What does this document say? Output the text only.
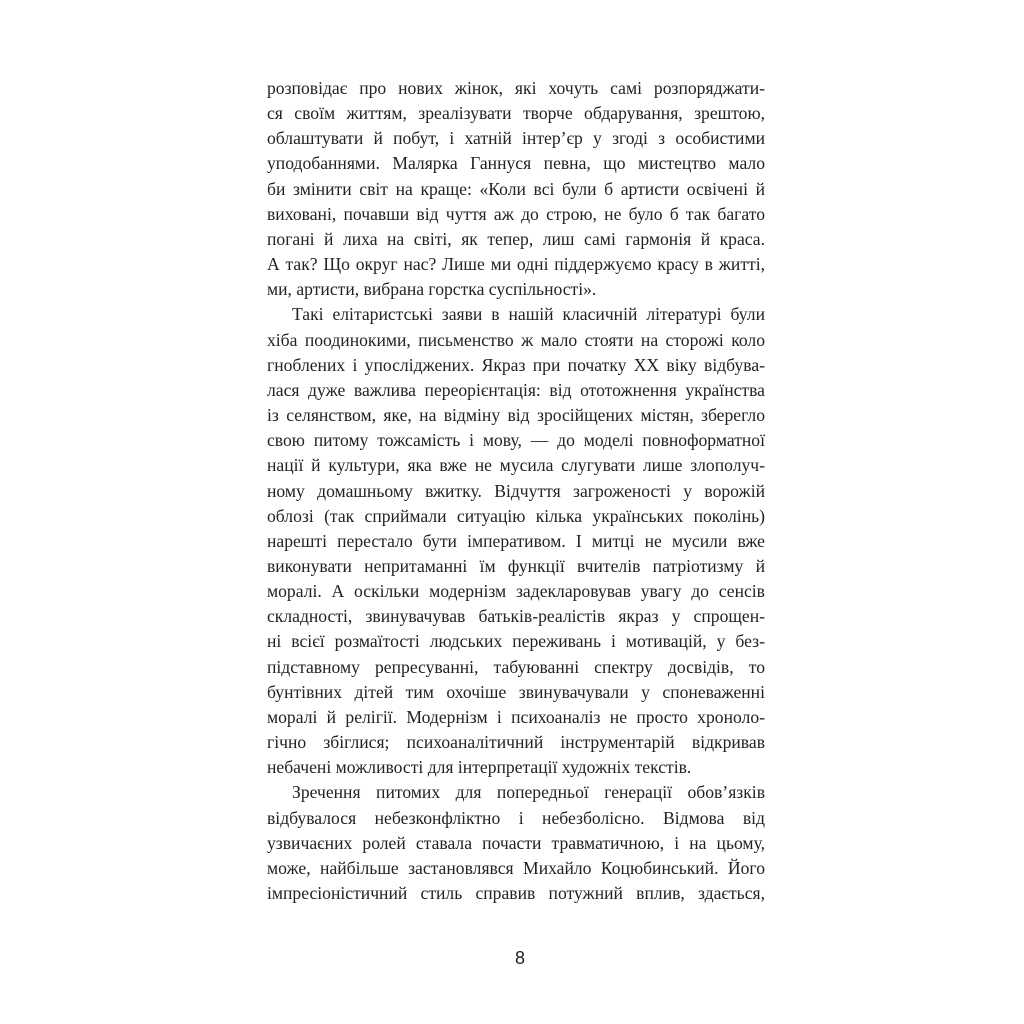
розповідає про нових жінок, які хочуть самі розпоряджати-
ся своїм життям, зреалізувати творче обдарування, зрештою,
облаштувати й побут, і хатній інтер’єр у згоді з особистими
уподобаннями. Малярка Ганнуся певна, що мистецтво мало
би змінити світ на краще: «Коли всі були б артисти освічені й
виховані, почавши від чуття аж до строю, не було б так багато
погані й лиха на світі, як тепер, лиш самі гармонія й краса.
А так? Що округ нас? Лише ми одні піддержуємо красу в житті,
ми, артисти, вибрана горстка суспільності».
Такі елітаристські заяви в нашій класичній літературі були
хіба поодинокими, письменство ж мало стояти на сторожі коло
гноблених і упосліджених. Якраз при початку ХХ віку відбува-
лася дуже важлива переорієнтація: від ототожнення українства
із селянством, яке, на відміну від зросійщених містян, зберегло
свою питому тожсамість і мову, — до моделі повноформатної
нації й культури, яка вже не мусила слугувати лише злополуч-
ному домашньому вжитку. Відчуття загроженості у ворожій
облозі (так сприймали ситуацію кілька українських поколінь)
нарешті перестало бути імперативом. І митці не мусили вже
виконувати непритаманні їм функції вчителів патріотизму й
моралі. А оскільки модернізм задекларовував увагу до сенсів
складності, звинувачував батьків-реалістів якраз у спрощен-
ні всієї розмаїтості людських переживань і мотивацій, у без-
підставному репресуванні, табуюванні спектру досвідів, то
бунтівних дітей тим охочіше звинувачували у споневаженні
моралі й релігії. Модернізм і психоаналіз не просто хроноло-
гічно збіглися; психоаналітичний інструментарій відкривав
небачені можливості для інтерпретації художніх текстів.
Зречення питомих для попередньої генерації обов’язків
відбувалося небезконфліктно і небезболісно. Відмова від
узвичаєних ролей ставала почасти травматичною, і на цьому,
може, найбільше застановлявся Михайло Коцюбинський. Його
імпресіоністичний стиль справив потужний вплив, здається,
8
